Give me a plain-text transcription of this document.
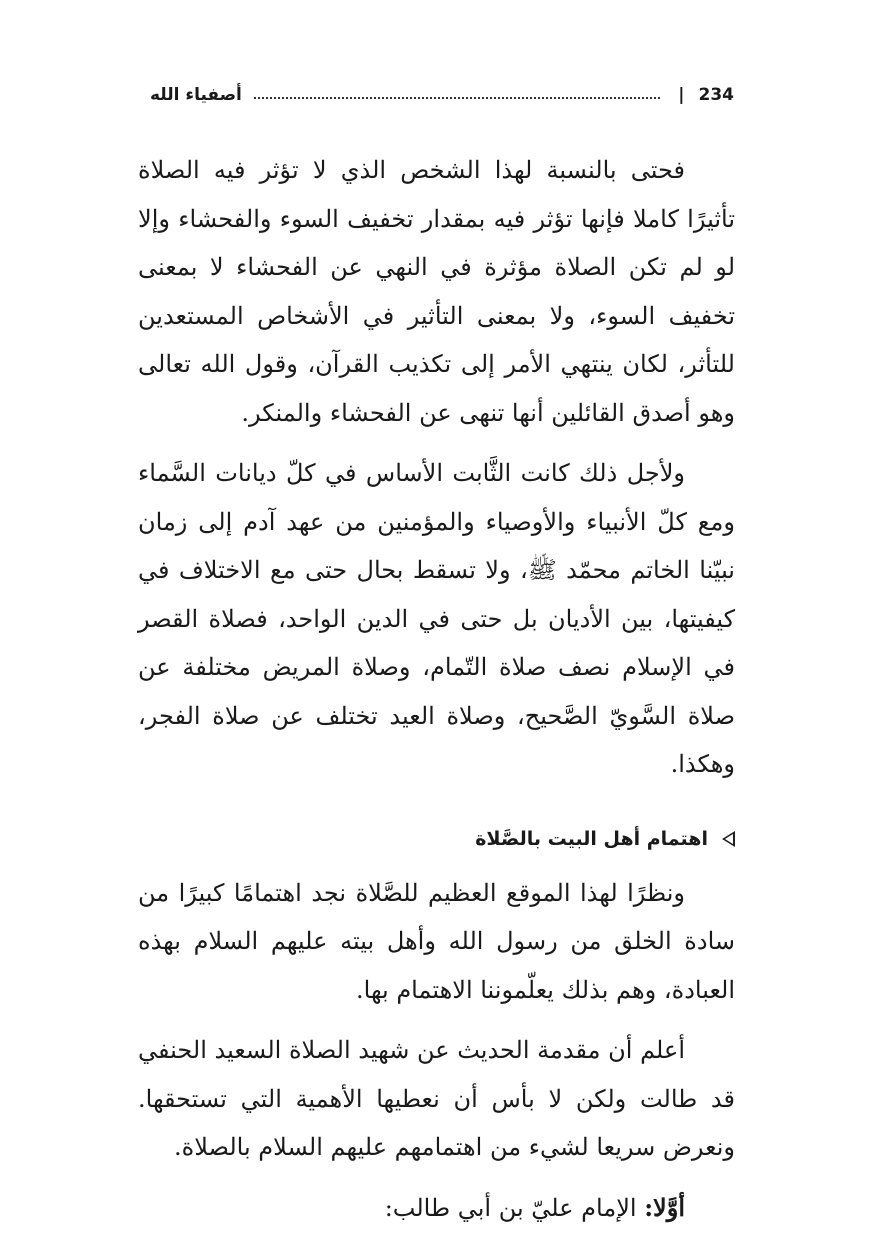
234
|
أصفياء الله

فحتى بالنسبة لهذا الشخص الذي لا تؤثر فيه الصلاة تأثيرًا كاملا فإنها تؤثر فيه بمقدار تخفيف السوء والفحشاء وإلا لو لم تكن الصلاة مؤثرة في النهي عن الفحشاء لا بمعنى تخفيف السوء، ولا بمعنى التأثير في الأشخاص المستعدين للتأثر، لكان ينتهي الأمر إلى تكذيب القرآن، وقول الله تعالى وهو أصدق القائلين أنها تنهى عن الفحشاء والمنكر.

ولأجل ذلك كانت الثَّابت الأساس في كلّ ديانات السَّماء ومع كلّ الأنبياء والأوصياء والمؤمنين من عهد آدم إلى زمان نبيّنا الخاتم محمّد ﷺ، ولا تسقط بحال حتى مع الاختلاف في كيفيتها، بين الأديان بل حتى في الدين الواحد، فصلاة القصر في الإسلام نصف صلاة التّمام، وصلاة المريض مختلفة عن صلاة السَّويّ الصَّحيح، وصلاة العيد تختلف عن صلاة الفجر، وهكذا.

اهتمام أهل البيت بالصَّلاة

ونظرًا لهذا الموقع العظيم للصَّلاة نجد اهتمامًا كبيرًا من سادة الخلق من رسول الله وأهل بيته عليهم السلام بهذه العبادة، وهم بذلك يعلّموننا الاهتمام بها.

أعلم أن مقدمة الحديث عن شهيد الصلاة السعيد الحنفي قد طالت ولكن لا بأس أن نعطيها الأهمية التي تستحقها. ونعرض سريعا لشيء من اهتمامهم عليهم السلام بالصلاة.

أوَّلا: الإمام عليّ بن أبي طالب:
